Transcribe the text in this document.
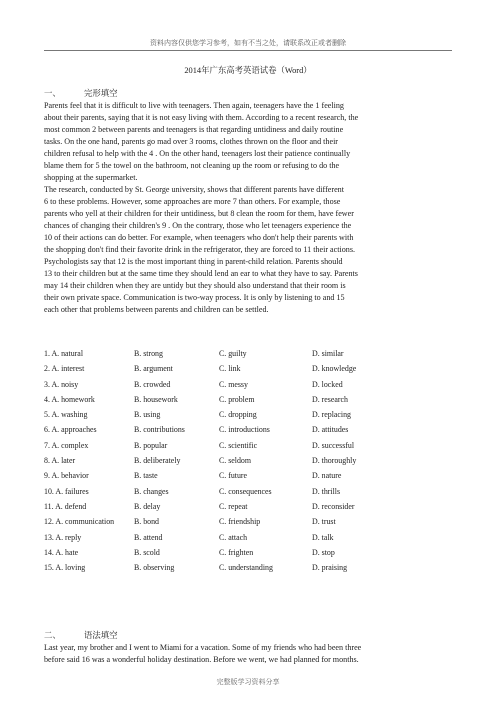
资料内容仅供您学习参考，如有不当之处，请联系改正或者删除
2014年广东高考英语试卷（Word）
一、	完形填空
Parents feel that it is difficult to live with teenagers. Then again, teenagers have the 1 feeling
about their parents, saying that it is not easy living with them. According to a recent research, the
most common 2 between parents and teenagers is that regarding untidiness and daily routine
tasks. On the one hand, parents go mad over 3 rooms, clothes thrown on the floor and their
children refusal to help with the 4 . On the other hand, teenagers lost their patience continually
blame them for 5 the towel on the bathroom, not cleaning up the room or refusing to do the
shopping at the supermarket.
The research, conducted by St. George university, shows that different parents have different
6 to these problems. However, some approaches are more 7 than others. For example, those
parents who yell at their children for their untidiness, but 8 clean the room for them, have fewer
chances of changing their children's 9 . On the contrary, those who let teenagers experience the
10 of their actions can do better. For example, when teenagers who don't help their parents with
the shopping don't find their favorite drink in the refrigerator, they are forced to 11 their actions.
Psychologists say that 12 is the most important thing in parent-child relation. Parents should
13 to their children but at the same time they should lend an ear to what they have to say. Parents
may 14 their children when they are untidy but they should also understand that their room is
their own private space. Communication is two-way process. It is only by listening to and 15
each other that problems between parents and children can be settled.
1. A. natural	B. strong	C. guilty	D. similar
2. A. interest	B. argument	C. link	D. knowledge
3. A. noisy	B. crowded	C. messy	D. locked
4. A. homework	B. housework	C. problem	D. research
5. A. washing	B. using	C. dropping	D. replacing
6. A. approaches	B. contributions	C. introductions	D. attitudes
7. A. complex	B. popular	C. scientific	D. successful
8. A. later	B. deliberately	C. seldom	D. thoroughly
9. A. behavior	B. taste	C. future	D. nature
10. A. failures	B. changes	C. consequences	D. thrills
11. A. defend	B. delay	C. repeat	D. reconsider
12. A. communication	B. bond	C. friendship	D. trust
13. A. reply	B. attend	C. attach	D. talk
14. A. hate	B. scold	C. frighten	D. stop
15. A. loving	B. observing	C. understanding	D. praising
二、	语法填空
Last year, my brother and I went to Miami for a vacation. Some of my friends who had been three
before said 16 was a wonderful holiday destination. Before we went, we had planned for months.
完整版学习资料分享
